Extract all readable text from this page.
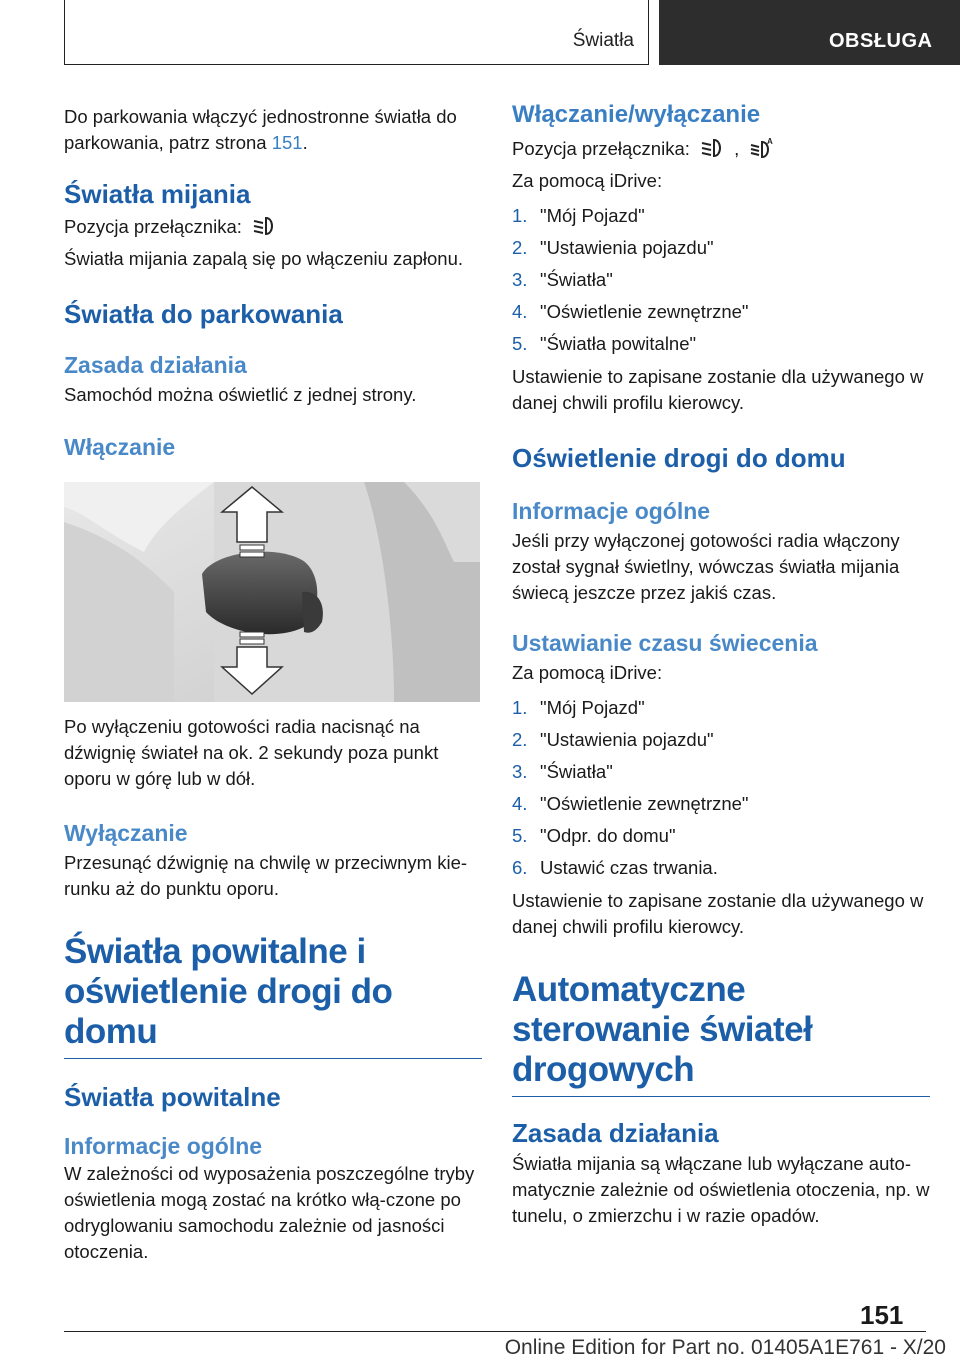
Światła	OBSŁUGA

Do parkowania włączyć jednostronne światła do parkowania, patrz strona 151.

Światła mijania

Pozycja przełącznika:

Światła mijania zapalą się po włączeniu zapłonu.

Światła do parkowania
Zasada działania

Samochód można oświetlić z jednej strony.

Włączanie

Po wyłączeniu gotowości radia nacisnąć na dźwignię świateł na ok. 2 sekundy poza punkt oporu w górę lub w dół.

Wyłączanie

Przesunąć dźwignię na chwilę w przeciwnym kie-runku aż do punktu oporu.

Światła powitalne i oświetlenie drogi do domu
Światła powitalne
Informacje ogólne

W zależności od wyposażenia poszczególne tryby oświetlenia mogą zostać na krótko włą-czone po odryglowaniu samochodu zależnie od jasności otoczenia.

Włączanie/wyłączanie

Pozycja przełącznika: ,	A

Za pomocą iDrive:

1. "Mój Pojazd"
2. "Ustawienia pojazdu"
3. "Światła"
4. "Oświetlenie zewnętrzne"
5. "Światła powitalne"

Ustawienie to zapisane zostanie dla używanego w danej chwili profilu kierowcy.

Oświetlenie drogi do domu
Informacje ogólne

Jeśli przy wyłączonej gotowości radia włączony został sygnał świetlny, wówczas światła mijania świecą jeszcze przez jakiś czas.

Ustawianie czasu świecenia

Za pomocą iDrive:

1. "Mój Pojazd"
2. "Ustawienia pojazdu"
3. "Światła"
4. "Oświetlenie zewnętrzne"
5. "Odpr. do domu"
6. Ustawić czas trwania.

Ustawienie to zapisane zostanie dla używanego w danej chwili profilu kierowcy.

Automatyczne sterowanie świateł drogowych
Zasada działania

Światła mijania są włączane lub wyłączane auto-matycznie zależnie od oświetlenia otoczenia, np. w tunelu, o zmierzchu i w razie opadów.

151
Online Edition for Part no. 01405A1E761 - X/20
